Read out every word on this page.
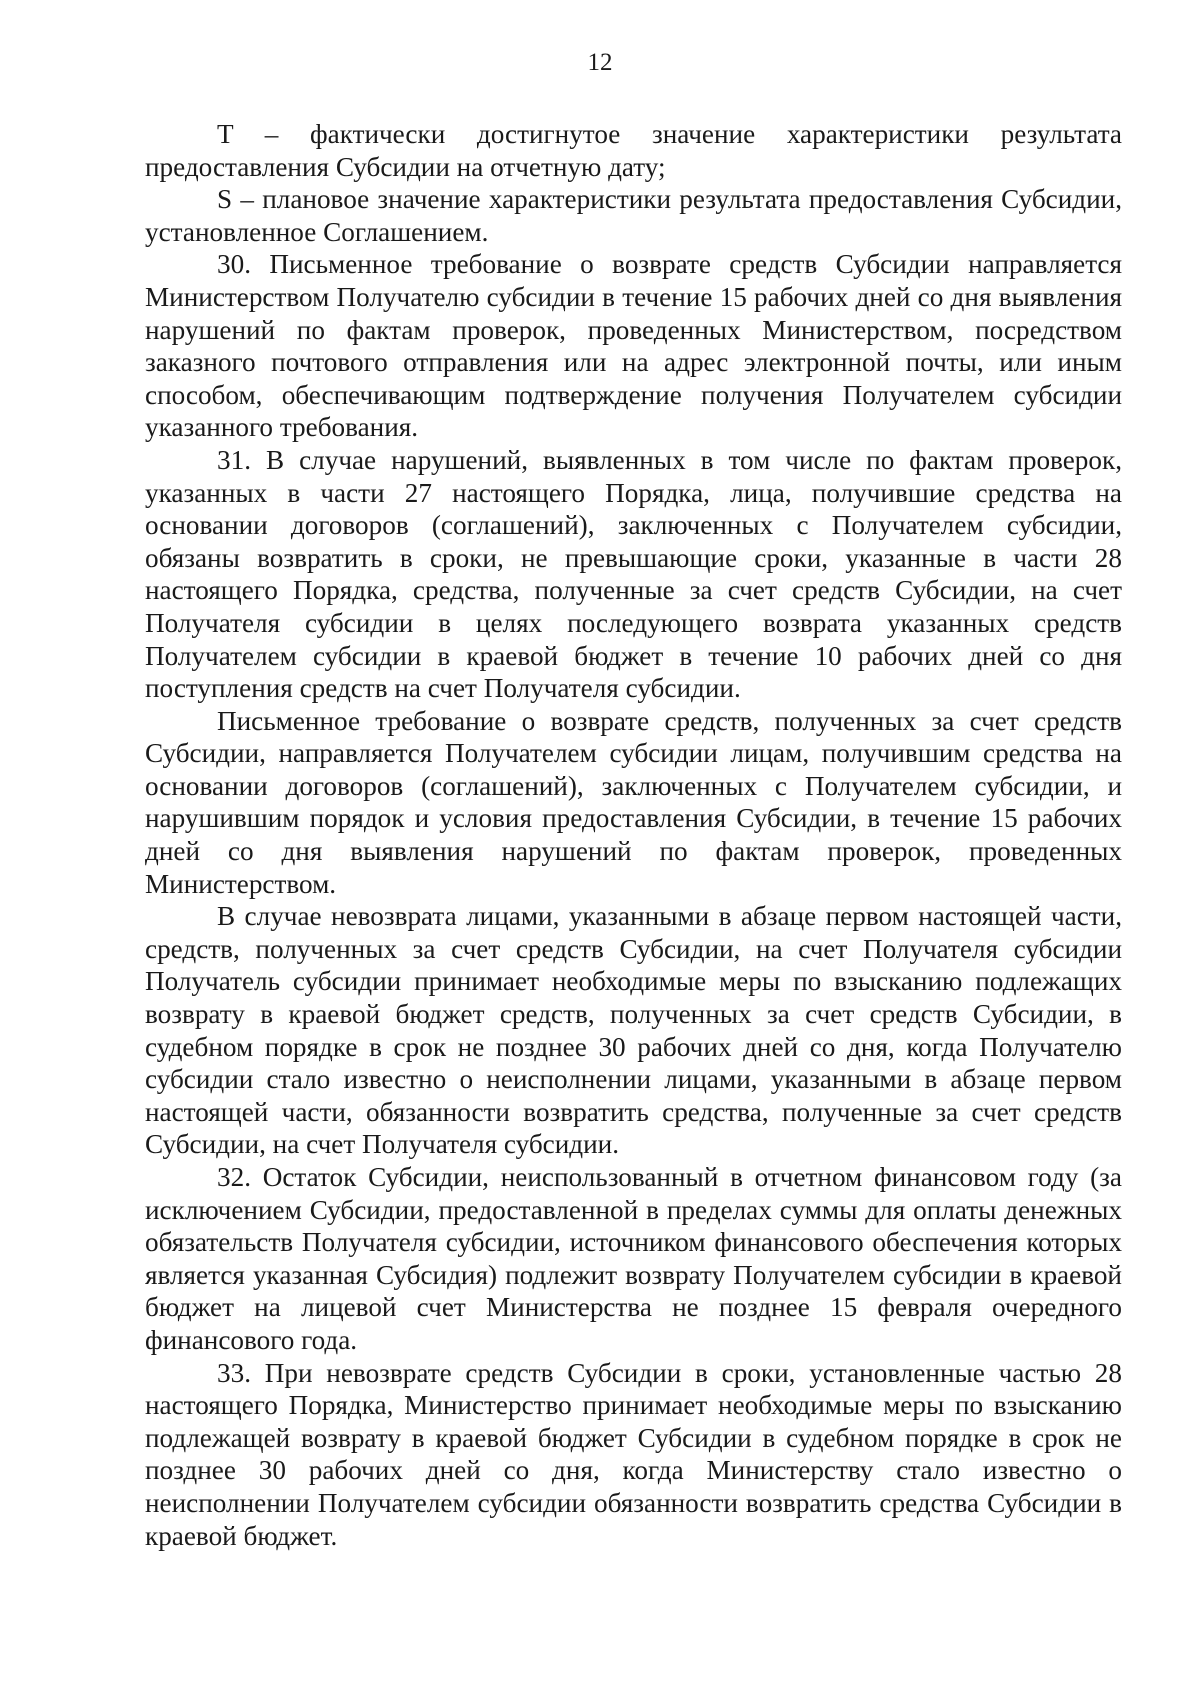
12

T – фактически достигнутое значение характеристики результата предоставления Субсидии на отчетную дату;

S – плановое значение характеристики результата предоставления Субсидии, установленное Соглашением.

30. Письменное требование о возврате средств Субсидии направляется Министерством Получателю субсидии в течение 15 рабочих дней со дня выявления нарушений по фактам проверок, проведенных Министерством, посредством заказного почтового отправления или на адрес электронной почты, или иным способом, обеспечивающим подтверждение получения Получателем субсидии указанного требования.

31. В случае нарушений, выявленных в том числе по фактам проверок, указанных в части 27 настоящего Порядка, лица, получившие средства на основании договоров (соглашений), заключенных с Получателем субсидии, обязаны возвратить в сроки, не превышающие сроки, указанные в части 28 настоящего Порядка, средства, полученные за счет средств Субсидии, на счет Получателя субсидии в целях последующего возврата указанных средств Получателем субсидии в краевой бюджет в течение 10 рабочих дней со дня поступления средств на счет Получателя субсидии.

Письменное требование о возврате средств, полученных за счет средств Субсидии, направляется Получателем субсидии лицам, получившим средства на основании договоров (соглашений), заключенных с Получателем субсидии, и нарушившим порядок и условия предоставления Субсидии, в течение 15 рабочих дней со дня выявления нарушений по фактам проверок, проведенных Министерством.

В случае невозврата лицами, указанными в абзаце первом настоящей части, средств, полученных за счет средств Субсидии, на счет Получателя субсидии Получатель субсидии принимает необходимые меры по взысканию подлежащих возврату в краевой бюджет средств, полученных за счет средств Субсидии, в судебном порядке в срок не позднее 30 рабочих дней со дня, когда Получателю субсидии стало известно о неисполнении лицами, указанными в абзаце первом настоящей части, обязанности возвратить средства, полученные за счет средств Субсидии, на счет Получателя субсидии.

32. Остаток Субсидии, неиспользованный в отчетном финансовом году (за исключением Субсидии, предоставленной в пределах суммы для оплаты денежных обязательств Получателя субсидии, источником финансового обеспечения которых является указанная Субсидия) подлежит возврату Получателем субсидии в краевой бюджет на лицевой счет Министерства не позднее 15 февраля очередного финансового года.

33. При невозврате средств Субсидии в сроки, установленные частью 28 настоящего Порядка, Министерство принимает необходимые меры по взысканию подлежащей возврату в краевой бюджет Субсидии в судебном порядке в срок не позднее 30 рабочих дней со дня, когда Министерству стало известно о неисполнении Получателем субсидии обязанности возвратить средства Субсидии в краевой бюджет.
